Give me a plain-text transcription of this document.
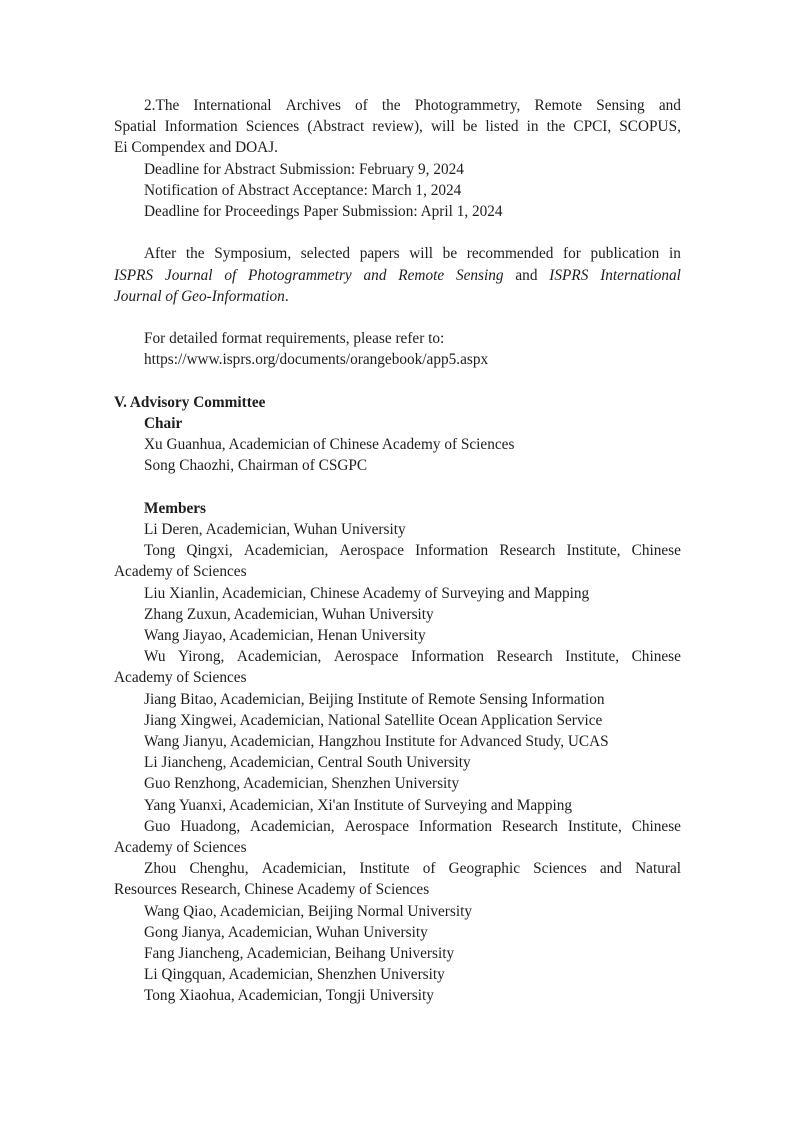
2.The International Archives of the Photogrammetry, Remote Sensing and
Spatial Information Sciences (Abstract review), will be listed in the CPCI, SCOPUS,
Ei Compendex and DOAJ.
Deadline for Abstract Submission: February 9, 2024
Notification of Abstract Acceptance: March 1, 2024
Deadline for Proceedings Paper Submission: April 1, 2024
After the Symposium, selected papers will be recommended for publication in
ISPRS Journal of Photogrammetry and Remote Sensing and ISPRS International
Journal of Geo-Information.
For detailed format requirements, please refer to:
https://www.isprs.org/documents/orangebook/app5.aspx
V. Advisory Committee
Chair
Xu Guanhua, Academician of Chinese Academy of Sciences
Song Chaozhi, Chairman of CSGPC
Members
Li Deren, Academician, Wuhan University
Tong Qingxi, Academician, Aerospace Information Research Institute, Chinese
Academy of Sciences
Liu Xianlin, Academician, Chinese Academy of Surveying and Mapping
Zhang Zuxun, Academician, Wuhan University
Wang Jiayao, Academician, Henan University
Wu Yirong, Academician, Aerospace Information Research Institute, Chinese
Academy of Sciences
Jiang Bitao, Academician, Beijing Institute of Remote Sensing Information
Jiang Xingwei, Academician, National Satellite Ocean Application Service
Wang Jianyu, Academician, Hangzhou Institute for Advanced Study, UCAS
Li Jiancheng, Academician, Central South University
Guo Renzhong, Academician, Shenzhen University
Yang Yuanxi, Academician, Xi'an Institute of Surveying and Mapping
Guo Huadong, Academician, Aerospace Information Research Institute, Chinese
Academy of Sciences
Zhou Chenghu, Academician, Institute of Geographic Sciences and Natural
Resources Research, Chinese Academy of Sciences
Wang Qiao, Academician, Beijing Normal University
Gong Jianya, Academician, Wuhan University
Fang Jiancheng, Academician, Beihang University
Li Qingquan, Academician, Shenzhen University
Tong Xiaohua, Academician, Tongji University
